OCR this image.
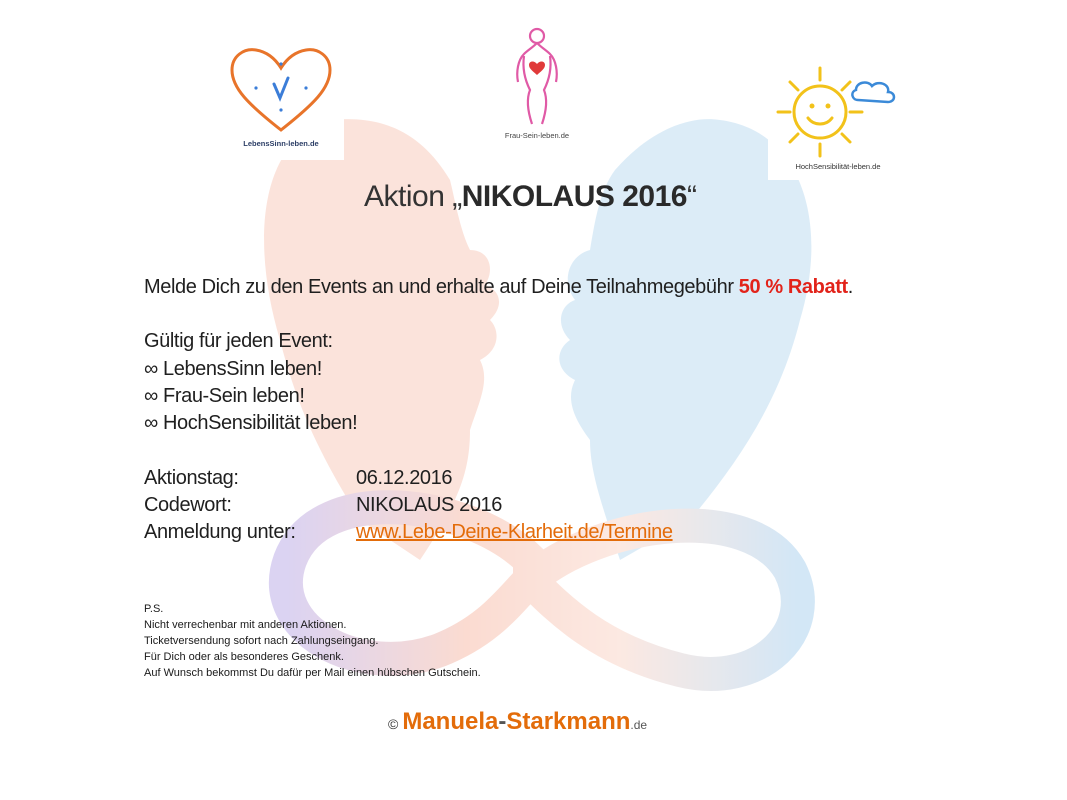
LebensSinn-leben.de
Frau-Sein-leben.de
HochSensibilität-leben.de
Aktion „NIKOLAUS 2016“
Melde Dich zu den Events an und erhalte auf Deine Teilnahmegebühr 50 % Rabatt.
Gültig für jeden Event:
∞ LebensSinn leben!
∞ Frau-Sein leben!
∞ HochSensibilität leben!
Aktionstag:	06.12.2016
Codewort:	NIKOLAUS 2016
Anmeldung unter:	www.Lebe-Deine-Klarheit.de/Termine
P.S.
Nicht verrechenbar mit anderen Aktionen.
Ticketversendung sofort nach Zahlungseingang.
Für Dich oder als besonderes Geschenk.
Auf Wunsch bekommst Du dafür per Mail einen hübschen Gutschein.
© Manuela-Starkmann.de
